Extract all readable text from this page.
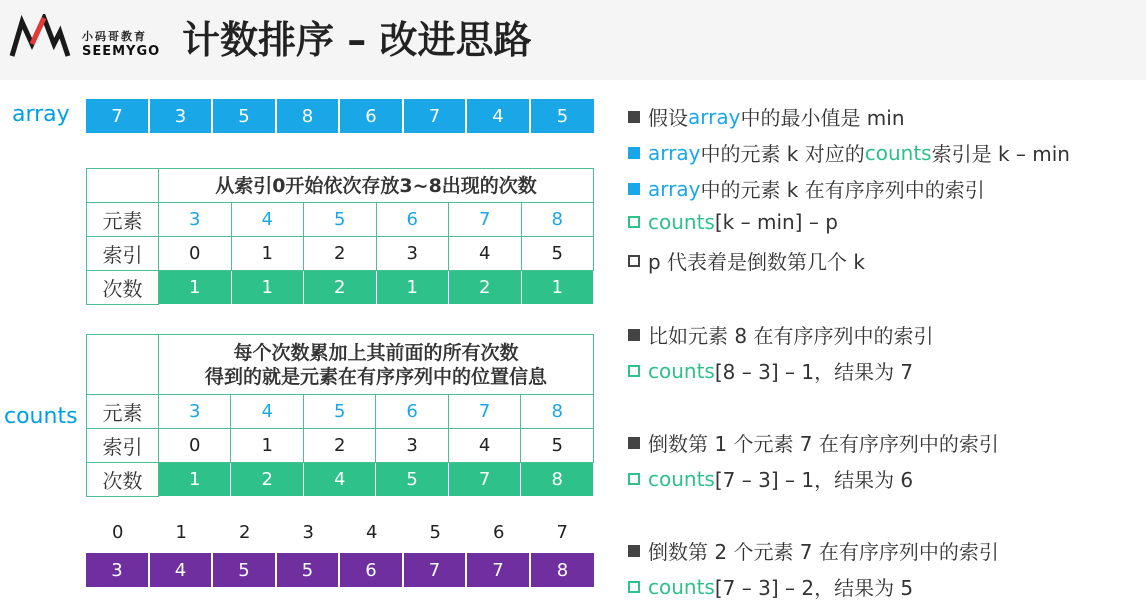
小码哥教育
SEEMYGO 计数排序 – 改进思路
array	7	3	5	8	6	7	4	5
	从索引0开始依次存放3~8出现的次数					
元素	3	4	5	6	7	8
索引	0	1	2	3	4	5
次数	1	1	2	1	2	1
counts

	每个次数累加上其前面的所有次数
得到的就是元素在有序序列中的位置信息					

元素	3	4	5	6	7	8
索引	0	1	2	3	4	5
次数	1	2	4	5	7	8
0	1	2	3	4	5	6	7
3	4	5	5	6	7	7	8
假设 array 中的最小值是 min
array 中的元素 k 对应的 counts 索引是 k – min
array 中的元素 k 在有序序列中的索引
counts [k – min] – p
p 代表着是倒数第几个 k
比如元素 8 在有序序列中的索引
counts [8 – 3] – 1，结果为 7
倒数第 1 个元素 7 在有序序列中的索引
counts [7 – 3] – 1，结果为 6
倒数第 2 个元素 7 在有序序列中的索引
counts [7 – 3] – 2，结果为 5
